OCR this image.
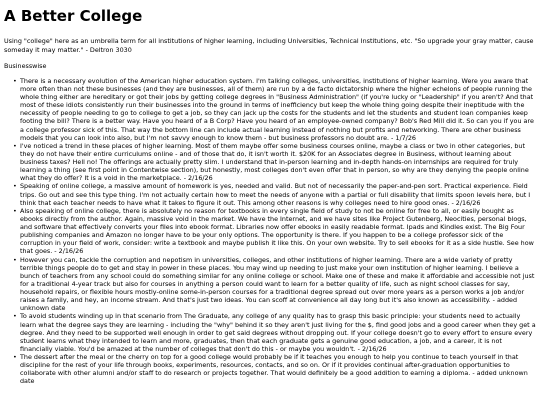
A Better College

Using "college" here as an umbrella term for all institutions of higher learning, including Universities, Technical Institutions, etc. "So upgrade your gray matter, cause someday it may matter." - Deltron 3030

Businesswise

• There is a necessary evolution of the American higher education system. I'm talking colleges, universities, institutions of higher learning. Were you aware that more often than not these businesses (and they are businesses, all of them) are run by a de facto dictatorship where the higher echelons of people running the whole thing either are hereditary or got their jobs by getting college degrees in "Business Administration" (if you're lucky or "Leadership" if you aren't? And that most of these idiots consistently run their businesses into the ground in terms of inefficiency but keep the whole thing going despite their ineptitude with the necessity of people needing to go to college to get a job, so they can jack up the costs for the students and let the students and student loan companies keep footing the bill? There is a better way. Have you heard of a B Corp? Have you heard of an employee-owned company? Bob's Red Mill did it. So can you if you are a college professor sick of this. That way the bottom line can include actual learning instead of nothing but profits and networking. There are other business models that you can look into also, but I'm not savvy enough to know them - but business professors no doubt are. - 1/7/26
• I've noticed a trend in these places of higher learning. Most of them maybe offer some business courses online, maybe a class or two in other categories, but they do not have their entire curriculums online - and of those that do, it isn't worth it. $20K for an Associates degree in Business, without learning about business taxes? Hell no! The offerings are actually pretty slim. I understand that in-person learning and in-depth hands-on internships are required for truly learning a thing (see first point in Contentwise section), but honestly, most colleges don't even offer that in person, so why are they denying the people online what they do offer? It is a void in the marketplace. - 2/16/26
• Speaking of online college, a massive amount of homework is yes, needed and valid. But not of necessarily the paper-and-pen sort. Practical experience. Field trips. Go out and see this type thing. I'm not actually certain how to meet the needs of anyone with a partial or full disability that limits spoon levels here, but I think that each teacher needs to have what it takes to figure it out. This among other reasons is why colleges need to hire good ones. - 2/16/26
• Also speaking of online college, there is absolutely no reason for textbooks in every single field of study to not be online for free to all, or easily bought as ebooks directly from the author. Again, massive void in the market. We have the Internet, and we have sites like Project Gutenberg, Neocities, personal blogs, and software that effectively converts your files into ebook format. Libraries now offer ebooks in easily readable format. Ipads and Kindles exist. The Big Four publishing companies and Amazon no longer have to be your only options. The opportunity is there. If you happen to be a college professor sick of the corruption in your field of work, consider: write a textbook and maybe publish it like this. On your own website. Try to sell ebooks for it as a side hustle. See how that goes. - 2/16/26
• However you can, tackle the corruption and nepotism in universities, colleges, and other institutions of higher learning. There are a wide variety of pretty terrible things people do to get and stay in power in these places. You may wind up needing to just make your own institution of higher learning. I believe a bunch of teachers from any school could do something similar for any online college or school. Make one of these and make it affordable and accessible not just for a traditional 4-year track but also for courses in anything a person could want to learn for a better quality of life, such as night school classes for say, household repairs, or flexible hours mostly-online some-in-person courses for a traditional degree spread out over more years as a person works a job and/or raises a family, and hey, an income stream. And that's just two ideas. You can scoff at convenience all day long but it's also known as accessibility. - added unknown date
• To avoid students winding up in that scenario from The Graduate, any college of any quality has to grasp this basic principle: your students need to actually learn what the degree says they are learning - including the "why" behind it so they aren't just living for the $, find good jobs and a good career when they get a degree. And they need to be supported well enough in order to get said degrees without dropping out. If your college doesn't go to every effort to ensure every student learns what they intended to learn and more, graduates, then that each graduate gets a genuine good education, a job, and a career, it is not financially viable. You'd be amazed at the number of colleges that don't do this - or maybe you wouldn't. - 2/16/26
• The dessert after the meal or the cherry on top for a good college would probably be if it teaches you enough to help you continue to teach yourself in that discipline for the rest of your life through books, experiments, resources, contacts, and so on. Or if it provides continual after-graduation opportunities to collaborate with other alumni and/or staff to do research or projects together. That would definitely be a good addition to earning a diploma. - added unknown date
